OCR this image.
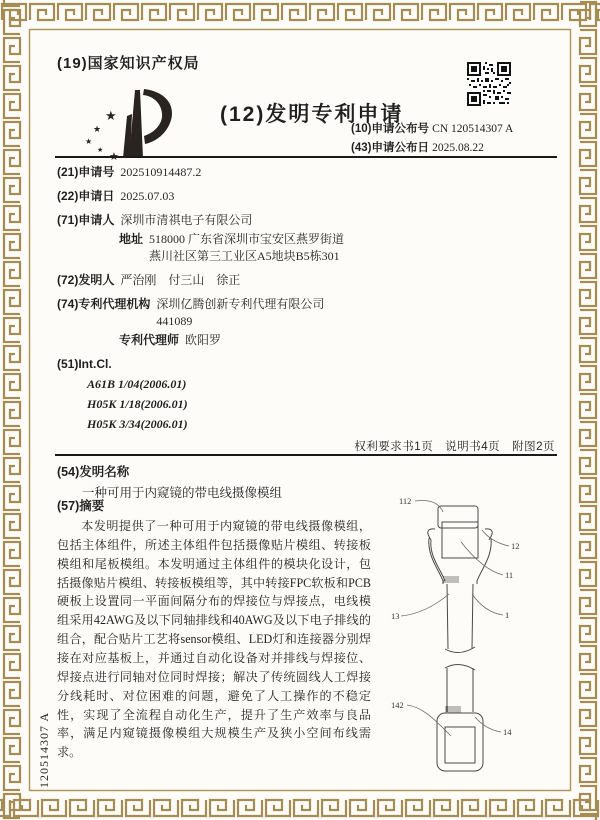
120514307 A
(19)国家知识产权局
★
★
★
★
(12)发明专利申请
(10)申请公布号 CN 120514307 A
(43)申请公布日 2025.08.22
(21)申请号 202510914487.2
(22)申请日 2025.07.03
(71)申请人 深圳市清祺电子有限公司
地址 518000 广东省深圳市宝安区燕罗街道燕川社区第三工业区A5地块B5栋301
(72)发明人 严治刚　付三山　徐正
(74)专利代理机构 深圳亿腾创新专利代理有限公司 441089
专利代理师 欧阳罗
(51)Int.Cl.
A61B 1/04(2006.01)
H05K 1/18(2006.01)
H05K 3/34(2006.01)
权利要求书1页　说明书4页　附图2页
(54)发明名称
一种可用于内窥镜的带电线摄像模组
(57)摘要
本发明提供了一种可用于内窥镜的带电线摄像模组，包括主体组件，所述主体组件包括摄像贴片模组、转接板模组和尾板模组。本发明通过主体组件的模块化设计，包括摄像贴片模组、转接板模组等，其中转接FPC软板和PCB硬板上设置同一平面间隔分布的焊接位与焊接点，电线模组采用42AWG及以下同轴排线和40AWG及以下电子排线的组合，配合贴片工艺将sensor模组、LED灯和连接器分别焊接在对应基板上，并通过自动化设备对并排线与焊接位、焊接点进行同轴对位同时焊接；解决了传统圆线人工焊接分线耗时、对位困难的问题，避免了人工操作的不稳定性，实现了全流程自动化生产，提升了生产效率与良品率，满足内窥镜摄像模组大规模生产及狭小空间布线需求。
112
12
11
13	1
142
14
